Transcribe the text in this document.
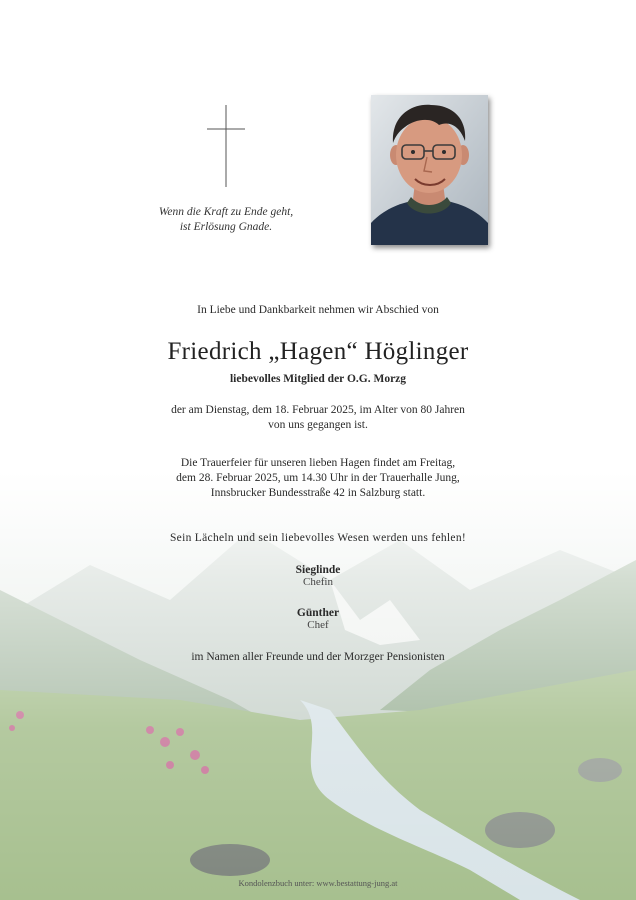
Wenn die Kraft zu Ende geht,
ist Erlösung Gnade.
In Liebe und Dankbarkeit nehmen wir Abschied von
Friedrich „Hagen“ Höglinger
liebevolles Mitglied der O.G. Morzg
der am Dienstag, dem 18. Februar 2025, im Alter von 80 Jahren
von uns gegangen ist.
Die Trauerfeier für unseren lieben Hagen findet am Freitag,
dem 28. Februar 2025, um 14.30 Uhr in der Trauerhalle Jung,
Innsbrucker Bundesstraße 42 in Salzburg statt.
Sein Lächeln und sein liebevolles Wesen werden uns fehlen!
Sieglinde
Chefin
Günther
Chef
im Namen aller Freunde und der Morzger Pensionisten
Kondolenzbuch unter: www.bestattung-jung.at
